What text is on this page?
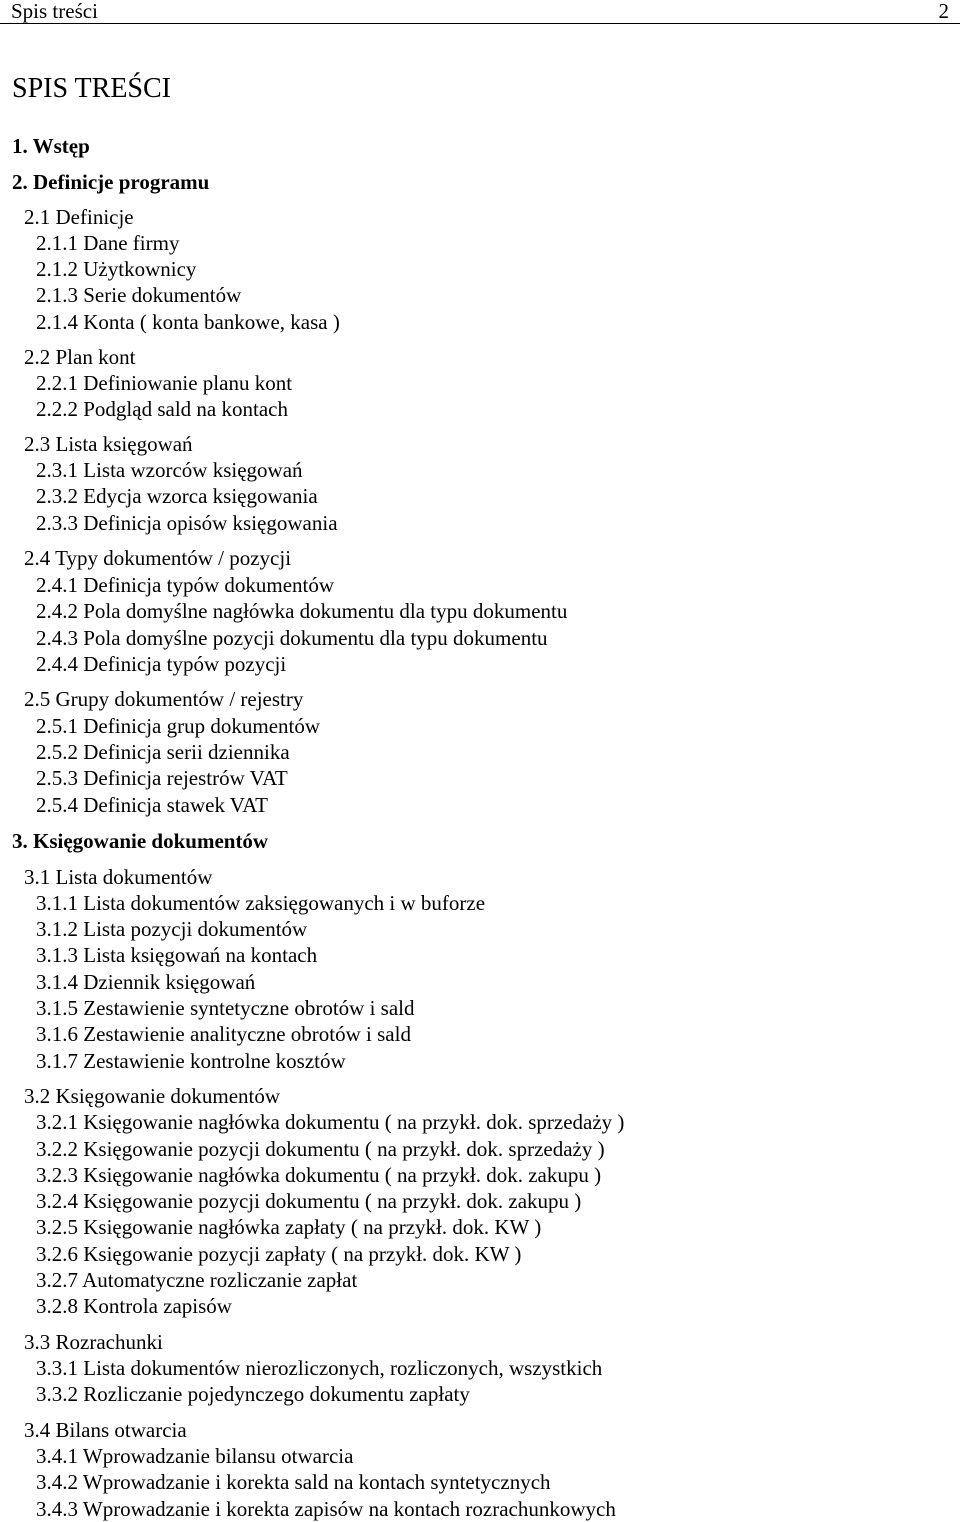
Spis treści	2
SPIS TREŚCI
1. Wstęp
2. Definicje programu
2.1 Definicje
2.1.1 Dane firmy
2.1.2 Użytkownicy
2.1.3 Serie dokumentów
2.1.4 Konta ( konta bankowe, kasa )
2.2 Plan kont
2.2.1 Definiowanie planu kont
2.2.2 Podgląd sald na kontach
2.3 Lista księgowań
2.3.1 Lista wzorców księgowań
2.3.2 Edycja wzorca księgowania
2.3.3 Definicja opisów księgowania
2.4 Typy dokumentów / pozycji
2.4.1 Definicja typów dokumentów
2.4.2 Pola domyślne nagłówka dokumentu dla typu dokumentu
2.4.3 Pola domyślne pozycji dokumentu dla typu dokumentu
2.4.4 Definicja typów pozycji
2.5 Grupy dokumentów / rejestry
2.5.1 Definicja grup dokumentów
2.5.2 Definicja serii dziennika
2.5.3 Definicja rejestrów VAT
2.5.4 Definicja stawek VAT
3. Księgowanie dokumentów
3.1 Lista dokumentów
3.1.1 Lista dokumentów zaksięgowanych i w buforze
3.1.2 Lista pozycji dokumentów
3.1.3 Lista księgowań na kontach
3.1.4 Dziennik księgowań
3.1.5 Zestawienie syntetyczne obrotów i sald
3.1.6 Zestawienie analityczne obrotów i sald
3.1.7 Zestawienie kontrolne kosztów
3.2 Księgowanie dokumentów
3.2.1 Księgowanie nagłówka dokumentu ( na przykł. dok. sprzedaży )
3.2.2 Księgowanie pozycji dokumentu ( na przykł. dok. sprzedaży )
3.2.3 Księgowanie nagłówka dokumentu ( na przykł. dok. zakupu )
3.2.4 Księgowanie pozycji dokumentu ( na przykł. dok. zakupu )
3.2.5 Księgowanie nagłówka zapłaty ( na przykł. dok. KW )
3.2.6 Księgowanie pozycji zapłaty ( na przykł. dok. KW )
3.2.7 Automatyczne rozliczanie zapłat
3.2.8 Kontrola zapisów
3.3 Rozrachunki
3.3.1 Lista dokumentów nierozliczonych, rozliczonych, wszystkich
3.3.2 Rozliczanie pojedynczego dokumentu zapłaty
3.4 Bilans otwarcia
3.4.1 Wprowadzanie bilansu otwarcia
3.4.2 Wprowadzanie i korekta sald na kontach syntetycznych
3.4.3 Wprowadzanie i korekta zapisów na kontach rozrachunkowych
